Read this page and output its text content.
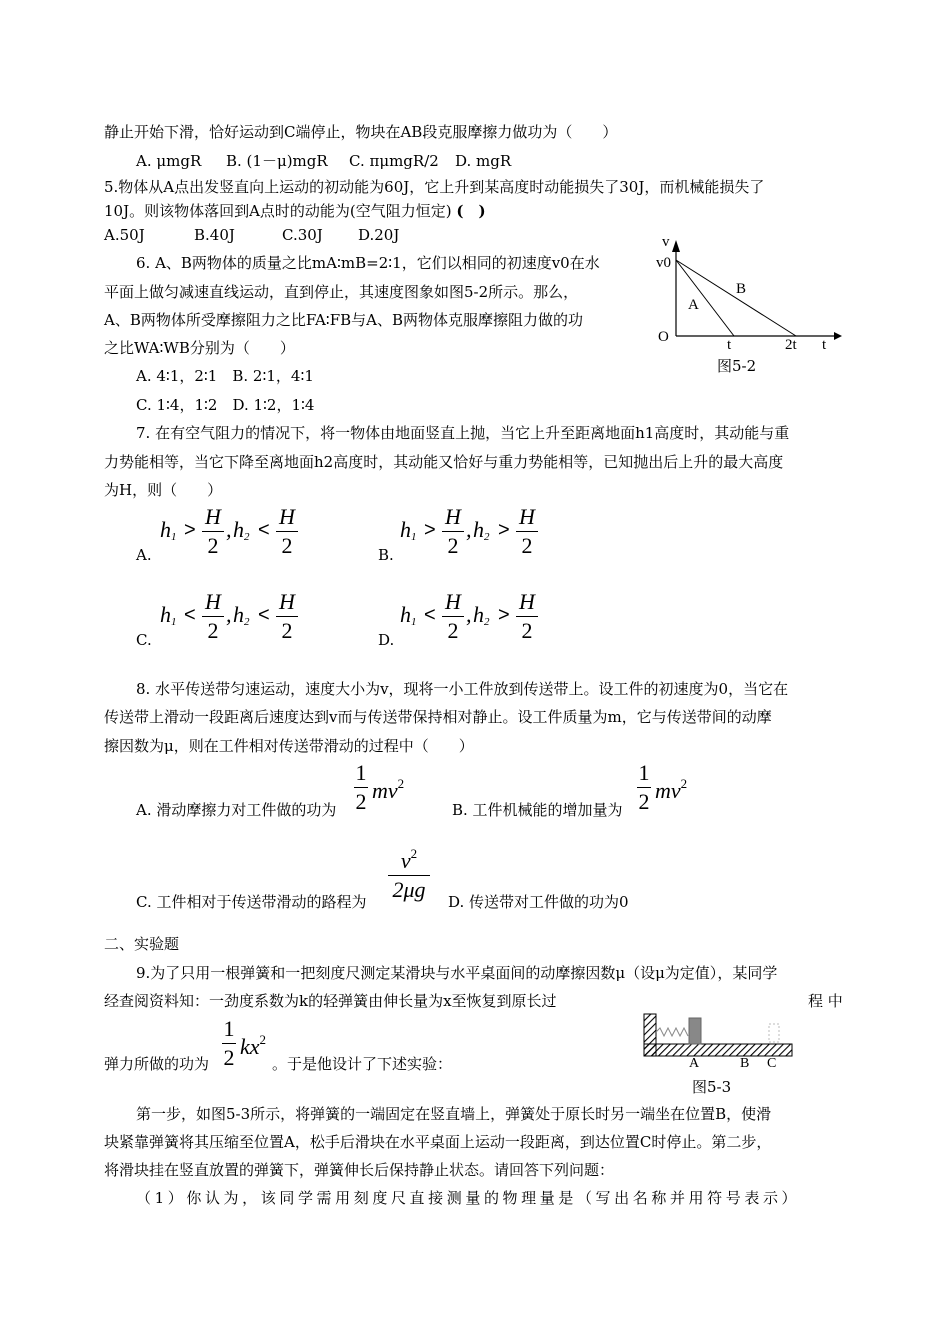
静止开始下滑，恰好运动到C端停止，物块在AB段克服摩擦力做功为（　　）
A. μmgR B. (1－μ)mgR C. πμmgR/2 D. mgR
5.物体从A点出发竖直向上运动的初动能为60J，它上升到某高度时动能损失了30J，而机械能损失了
10J。则该物体落回到A点时的动能为(空气阻力恒定) (　)
A.50J	B.40J	C.30J D.20J
6. A、B两物体的质量之比mA∶mB=2∶1，它们以相同的初速度v0在水
平面上做匀减速直线运动，直到停止，其速度图象如图5-2所示。那么，
A、B两物体所受摩擦阻力之比FA∶FB与A、B两物体克服摩擦阻力做的功
之比WA∶WB分别为（　　）
A. 4∶1，2∶1　B. 2∶1，4∶1
C. 1∶4，1∶2　D. 1∶2，1∶4
v
v0
B
A
O	t	2t t
图5-2
7. 在有空气阻力的情况下，将一物体由地面竖直上抛，当它上升至距离地面h1高度时，其动能与重
力势能相等，当它下降至离地面h2高度时，其动能又恰好与重力势能相等，已知抛出后上升的最大高度
为H，则（　　）
A.	B.
C.	D.
h1 >
H
2
, h2 <
H
2
h1 >
H
2
, h2 >
H
2
h1 <
H
2
, h2 <
H
2
h1 <
H
2
, h2 >
H
2
8. 水平传送带匀速运动，速度大小为v，现将一小工件放到传送带上。设工件的初速度为0，当它在
传送带上滑动一段距离后速度达到v而与传送带保持相对静止。设工件质量为m，它与传送带间的动摩
擦因数为μ，则在工件相对传送带滑动的过程中（　　）
A. 滑动摩擦力对工件做的功为
1
2 $mv^2$
B. 工件机械能的增加量为
1
2 $mv^2$
C. 工件相对于传送带滑动的路程为
$v^2$
2μg D. 传送带对工件做的功为0
二、实验题
9.为了只用一根弹簧和一把刻度尺测定某滑块与水平桌面间的动摩擦因数μ（设μ为定值），某同学
经查阅资料知：一劲度系数为k的轻弹簧由伸长量为x至恢复到原长过	程 中
弹力所做的功为
1
2 $kx^2$
。于是他设计了下述实验：	A	B C
图5-3
第一步，如图5-3所示，将弹簧的一端固定在竖直墙上，弹簧处于原长时另一端坐在位置B，使滑
块紧靠弹簧将其压缩至位置A，松手后滑块在水平桌面上运动一段距离，到达位置C时停止。第二步，
将滑块挂在竖直放置的弹簧下，弹簧伸长后保持静止状态。请回答下列问题：
（1）你认为，该同学需用刻度尺直接测量的物理量是（写出名称并用符号表示）
